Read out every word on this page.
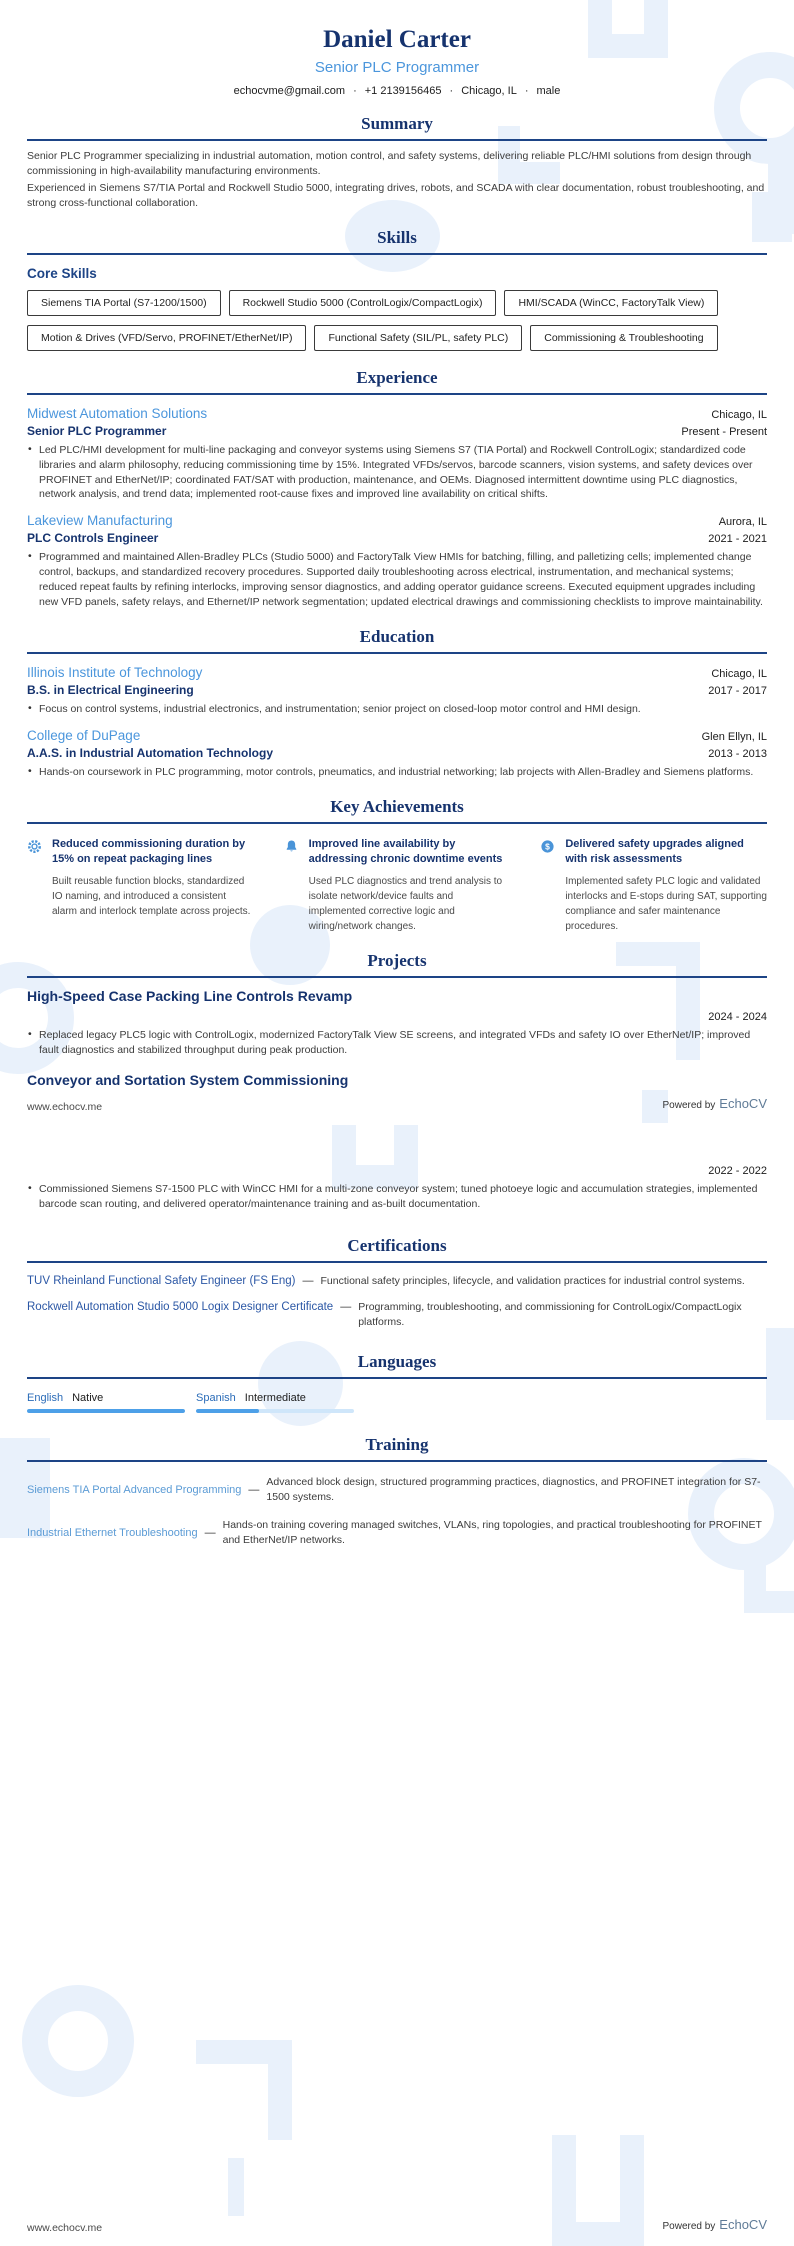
Daniel Carter
Senior PLC Programmer
echocvme@gmail.com · +1 2139156465 · Chicago, IL · male
Summary

Senior PLC Programmer specializing in industrial automation, motion control, and safety systems, delivering reliable PLC/HMI solutions from design through commissioning in high-availability manufacturing environments.

Experienced in Siemens S7/TIA Portal and Rockwell Studio 5000, integrating drives, robots, and SCADA with clear documentation, robust troubleshooting, and strong cross-functional collaboration.

Skills
Core Skills
Siemens TIA Portal (S7-1200/1500)	Rockwell Studio 5000 (ControlLogix/CompactLogix)	HMI/SCADA (WinCC, FactoryTalk View)
Motion & Drives (VFD/Servo, PROFINET/EtherNet/IP)	Functional Safety (SIL/PL, safety PLC)	Commissioning & Troubleshooting
Experience
Midwest Automation Solutions	Chicago, IL
Senior PLC Programmer	Present - Present
• Led PLC/HMI development for multi-line packaging and conveyor systems using Siemens S7 (TIA Portal) and Rockwell ControlLogix; standardized code libraries and alarm philosophy, reducing commissioning time by 15%. Integrated VFDs/servos, barcode scanners, vision systems, and safety devices over PROFINET and EtherNet/IP; coordinated FAT/SAT with production, maintenance, and OEMs. Diagnosed intermittent downtime using PLC diagnostics, network analysis, and trend data; implemented root-cause fixes and improved line availability on critical shifts.
Lakeview Manufacturing	Aurora, IL
PLC Controls Engineer	2021 - 2021
• Programmed and maintained Allen-Bradley PLCs (Studio 5000) and FactoryTalk View HMIs for batching, filling, and palletizing cells; implemented change control, backups, and standardized recovery procedures. Supported daily troubleshooting across electrical, instrumentation, and mechanical systems; reduced repeat faults by refining interlocks, improving sensor diagnostics, and adding operator guidance screens. Executed equipment upgrades including new VFD panels, safety relays, and Ethernet/IP network segmentation; updated electrical drawings and commissioning checklists to improve maintainability.
Education
Illinois Institute of Technology	Chicago, IL
B.S. in Electrical Engineering	2017 - 2017
• Focus on control systems, industrial electronics, and instrumentation; senior project on closed-loop motor control and HMI design.
College of DuPage	Glen Ellyn, IL
A.A.S. in Industrial Automation Technology	2013 - 2013
• Hands-on coursework in PLC programming, motor controls, pneumatics, and industrial networking; lab projects with Allen-Bradley and Siemens platforms.
Key Achievements
Reduced commissioning duration by 15% on repeat packaging lines
Built reusable function blocks, standardized IO naming, and introduced a consistent alarm and interlock template across projects.
Improved line availability by addressing chronic downtime events
Used PLC diagnostics and trend analysis to isolate network/device faults and implemented corrective logic and wiring/network changes.
$ Delivered safety upgrades aligned with risk assessments
Implemented safety PLC logic and validated interlocks and E-stops during SAT, supporting compliance and safer maintenance procedures.
Projects
High-Speed Case Packing Line Controls Revamp
2024 - 2024
• Replaced legacy PLC5 logic with ControlLogix, modernized FactoryTalk View SE screens, and integrated VFDs and safety IO over EtherNet/IP; improved fault diagnostics and stabilized throughput during peak production.
Conveyor and Sortation System Commissioning
www.echocv.me	Powered by EchoCV
2022 - 2022
• Commissioned Siemens S7-1500 PLC with WinCC HMI for a multi-zone conveyor system; tuned photoeye logic and accumulation strategies, implemented barcode scan routing, and delivered operator/maintenance training and as-built documentation.
Certifications
TUV Rheinland Functional Safety Engineer (FS Eng) — Functional safety principles, lifecycle, and validation practices for industrial control systems.
Rockwell Automation Studio 5000 Logix Designer Certificate — Programming, troubleshooting, and commissioning for ControlLogix/CompactLogix platforms.
Languages
English Native	Spanish Intermediate
Training
Siemens TIA Portal Advanced Programming —
Advanced block design, structured programming practices, diagnostics, and PROFINET integration for S7-1500 systems.
Industrial Ethernet Troubleshooting —
Hands-on training covering managed switches, VLANs, ring topologies, and practical troubleshooting for PROFINET and EtherNet/IP networks.
www.echocv.me	Powered by EchoCV
